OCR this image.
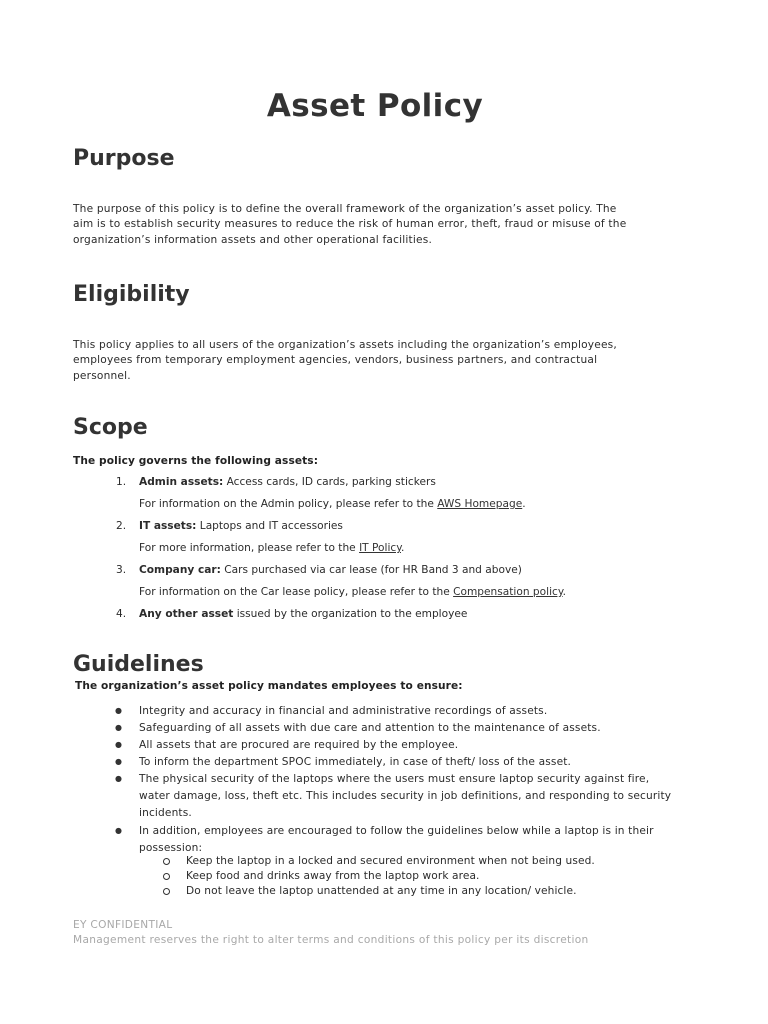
Asset Policy
Purpose
The purpose of this policy is to define the overall framework of the organization’s asset policy. The
aim is to establish security measures to reduce the risk of human error, theft, fraud or misuse of the
organization’s information assets and other operational facilities.
Eligibility
This policy applies to all users of the organization’s assets including the organization’s employees,
employees from temporary employment agencies, vendors, business partners, and contractual
personnel.
Scope
The policy governs the following assets:
1. Admin assets: Access cards, ID cards, parking stickers
For information on the Admin policy, please refer to the AWS Homepage.
2. IT assets: Laptops and IT accessories
For more information, please refer to the IT Policy.
3. Company car: Cars purchased via car lease (for HR Band 3 and above)
For information on the Car lease policy, please refer to the Compensation policy.
4. Any other asset issued by the organization to the employee
Guidelines
The organization’s asset policy mandates employees to ensure:
● Integrity and accuracy in financial and administrative recordings of assets.
● Safeguarding of all assets with due care and attention to the maintenance of assets.
● All assets that are procured are required by the employee.
● To inform the department SPOC immediately, in case of theft/ loss of the asset.
● The physical security of the laptops where the users must ensure laptop security against fire,
water damage, loss, theft etc. This includes security in job definitions, and responding to security
incidents.
● In addition, employees are encouraged to follow the guidelines below while a laptop is in their
possession:
Keep the laptop in a locked and secured environment when not being used.
Keep food and drinks away from the laptop work area.
Do not leave the laptop unattended at any time in any location/ vehicle.
EY CONFIDENTIAL
Management reserves the right to alter terms and conditions of this policy per its discretion
